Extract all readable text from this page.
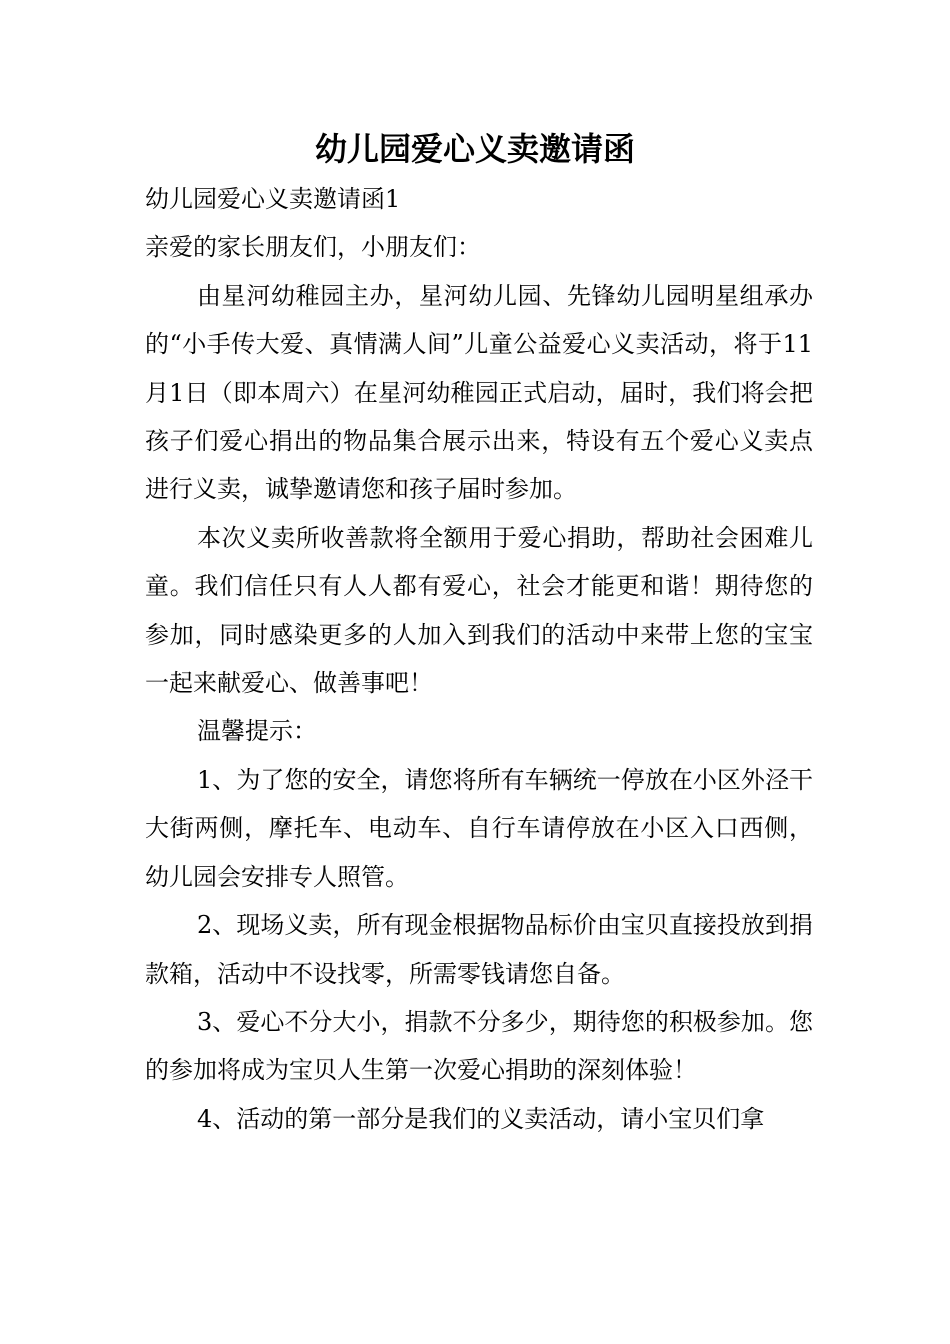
幼儿园爱心义卖邀请函

幼儿园爱心义卖邀请函1

亲爱的家长朋友们，小朋友们：

由星河幼稚园主办，星河幼儿园、先锋幼儿园明星组承办的“小手传大爱、真情满人间”儿童公益爱心义卖活动，将于11月1日（即本周六）在星河幼稚园正式启动，届时，我们将会把孩子们爱心捐出的物品集合展示出来，特设有五个爱心义卖点进行义卖，诚挚邀请您和孩子届时参加。

本次义卖所收善款将全额用于爱心捐助，帮助社会困难儿童。我们信任只有人人都有爱心，社会才能更和谐！期待您的参加，同时感染更多的人加入到我们的活动中来带上您的宝宝一起来献爱心、做善事吧！

温馨提示：

1、为了您的安全，请您将所有车辆统一停放在小区外泾干大街两侧，摩托车、电动车、自行车请停放在小区入口西侧，幼儿园会安排专人照管。

2、现场义卖，所有现金根据物品标价由宝贝直接投放到捐款箱，活动中不设找零，所需零钱请您自备。

3、爱心不分大小，捐款不分多少，期待您的积极参加。您的参加将成为宝贝人生第一次爱心捐助的深刻体验！

4、活动的第一部分是我们的义卖活动，请小宝贝们拿
